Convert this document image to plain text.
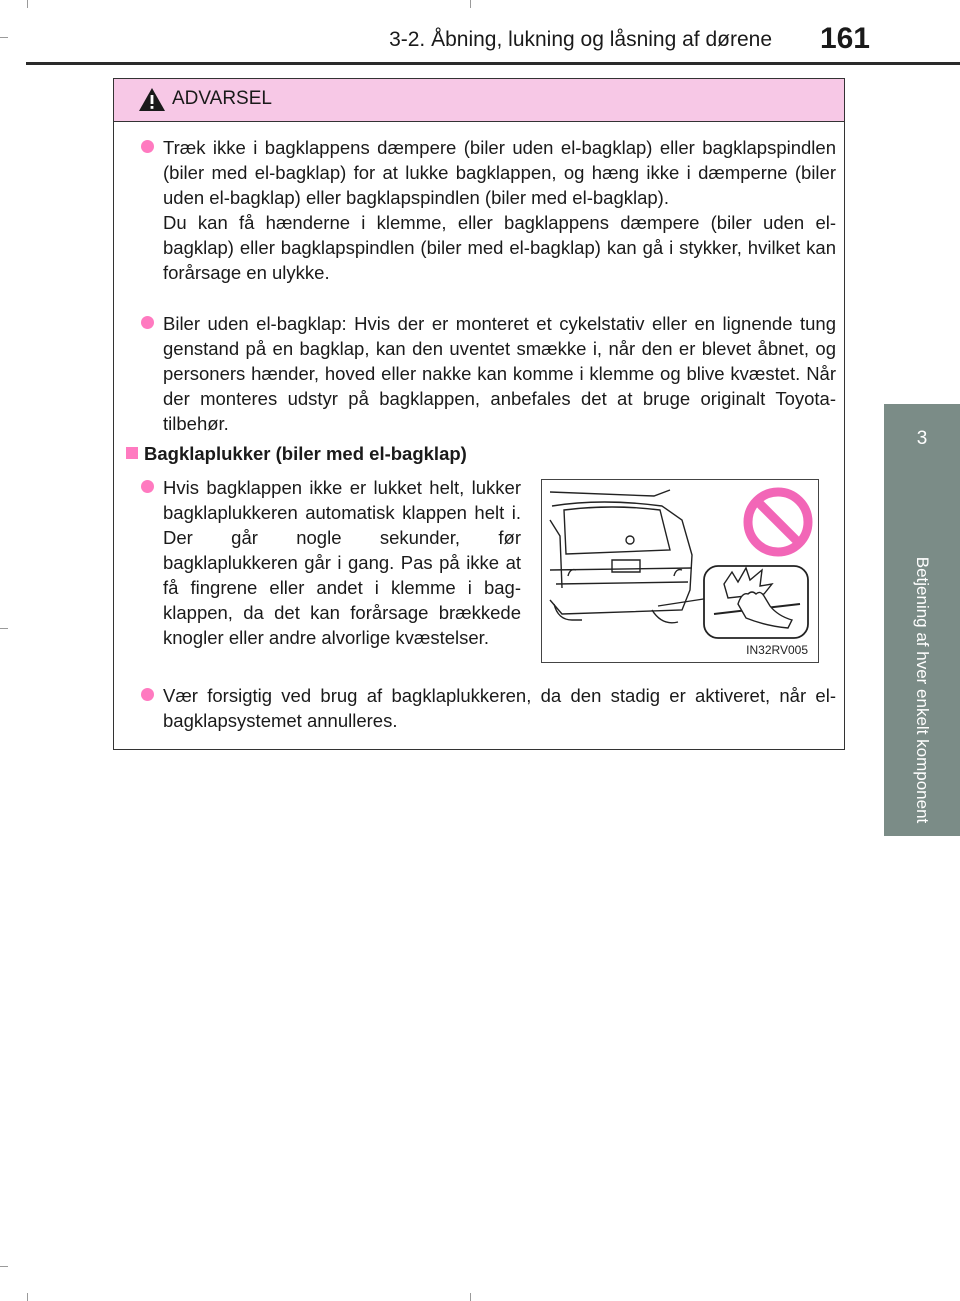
3-2. Åbning, lukning og låsning af dørene 161
3
Betjening af hver enkelt komponent
ADVARSEL

Træk ikke i bagklappens dæmpere (biler uden el-bagklap) eller bagklapspindlen (biler med el-bagklap) for at lukke bagklappen, og hæng ikke i dæmperne (biler uden el-bagklap) eller bagklapspindlen (biler med el-bagklap).

Du kan få hænderne i klemme, eller bagklappens dæmpere (biler uden el-bagklap) eller bagklapspindlen (biler med el-bagklap) kan gå i stykker, hvilket kan forårsage en ulykke.

Biler uden el-bagklap: Hvis der er monteret et cykelstativ eller en lignende tung genstand på en bagklap, kan den uventet smække i, når den er blevet åbnet, og personers hænder, hoved eller nakke kan komme i klemme og blive kvæstet. Når der monteres udstyr på bagklappen, anbefales det at bruge originalt Toyota-tilbehør.

Bagklaplukker (biler med el-bagklap)

Hvis bagklappen ikke er lukket helt, lukker bagklaplukkeren automatisk klappen helt i. Der går nogle sekunder, før bagklaplukkeren går i gang. Pas på ikke at få fingrene eller andet i klemme i bagklappen, da det kan forårsage brækkede knogler eller andre alvorlige kvæstelser.

IN32RV005

Vær forsigtig ved brug af bagklaplukkeren, da den stadig er aktiveret, når el-bagklapsystemet annulleres.
